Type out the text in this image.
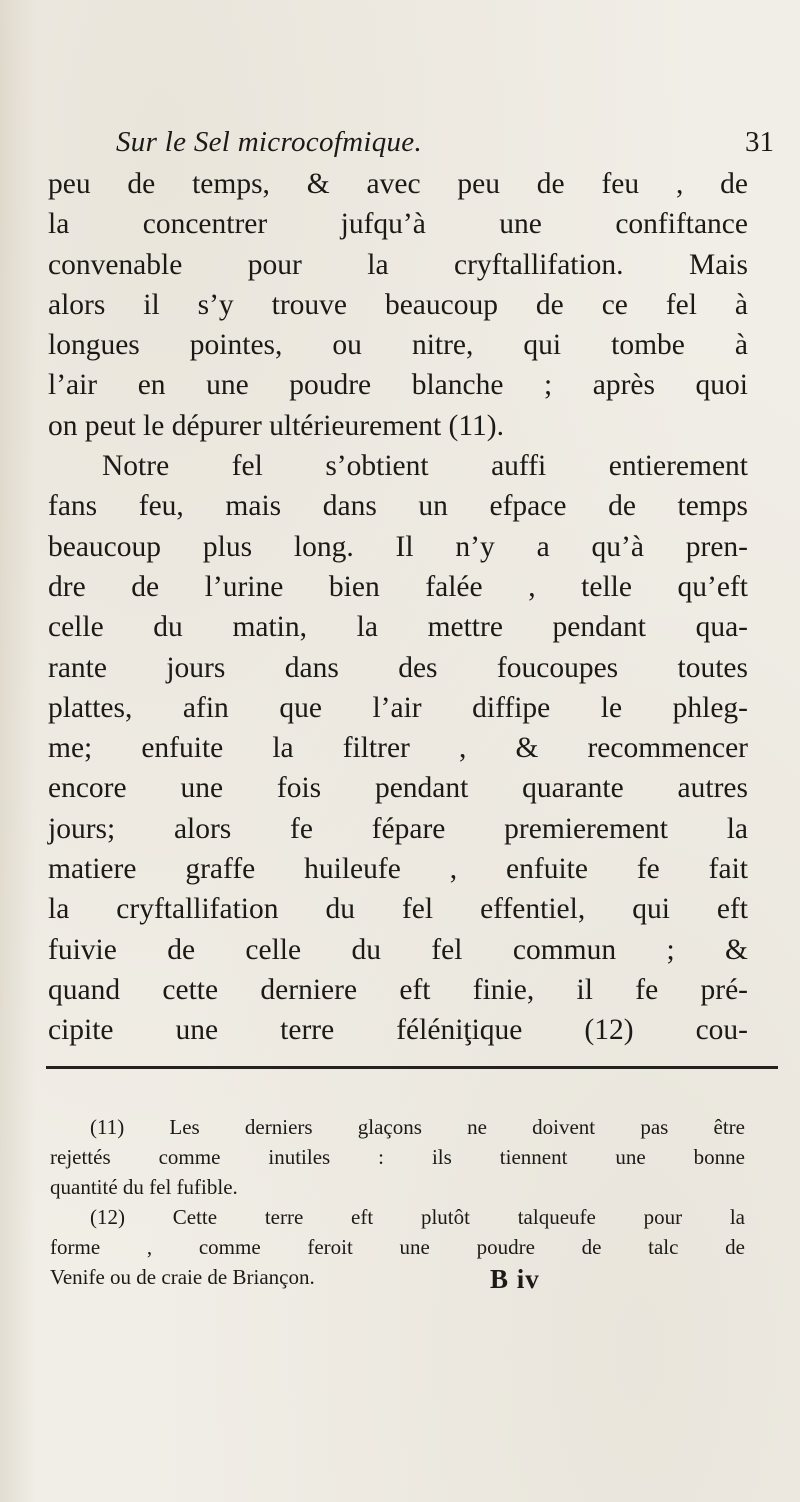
Sur le Sel microcofmique.	31
peu de temps, & avec peu de feu , de
la concentrer jufqu’à une confiftance
convenable pour la cryftallifation. Mais
alors il s’y trouve beaucoup de ce fel à
longues pointes, ou nitre, qui tombe à
l’air en une poudre blanche ; après quoi
on peut le dépurer ultérieurement (11).
Notre fel s’obtient auffi entierement
fans feu, mais dans un efpace de temps
beaucoup plus long. Il n’y a qu’à pren-
dre de l’urine bien falée , telle qu’eft
celle du matin, la mettre pendant qua-
rante jours dans des foucoupes toutes
plattes, afin que l’air diffipe le phleg-
me; enfuite la filtrer , & recommencer
encore une fois pendant quarante autres
jours; alors fe fépare premierement la
matiere graffe huileufe , enfuite fe fait
la cryftallifation du fel effentiel, qui eft
fuivie de celle du fel commun ; &
quand cette derniere eft finie, il fe pré-
cipite une terre féléniţique (12) cou-
(11) Les derniers glaçons ne doivent pas être
rejettés comme inutiles : ils tiennent une bonne
quantité du fel fufible.
(12) Cette terre eft plutôt talqueufe pour la
forme , comme feroit une poudre de talc de
Venife ou de craie de Briançon.	B iv
